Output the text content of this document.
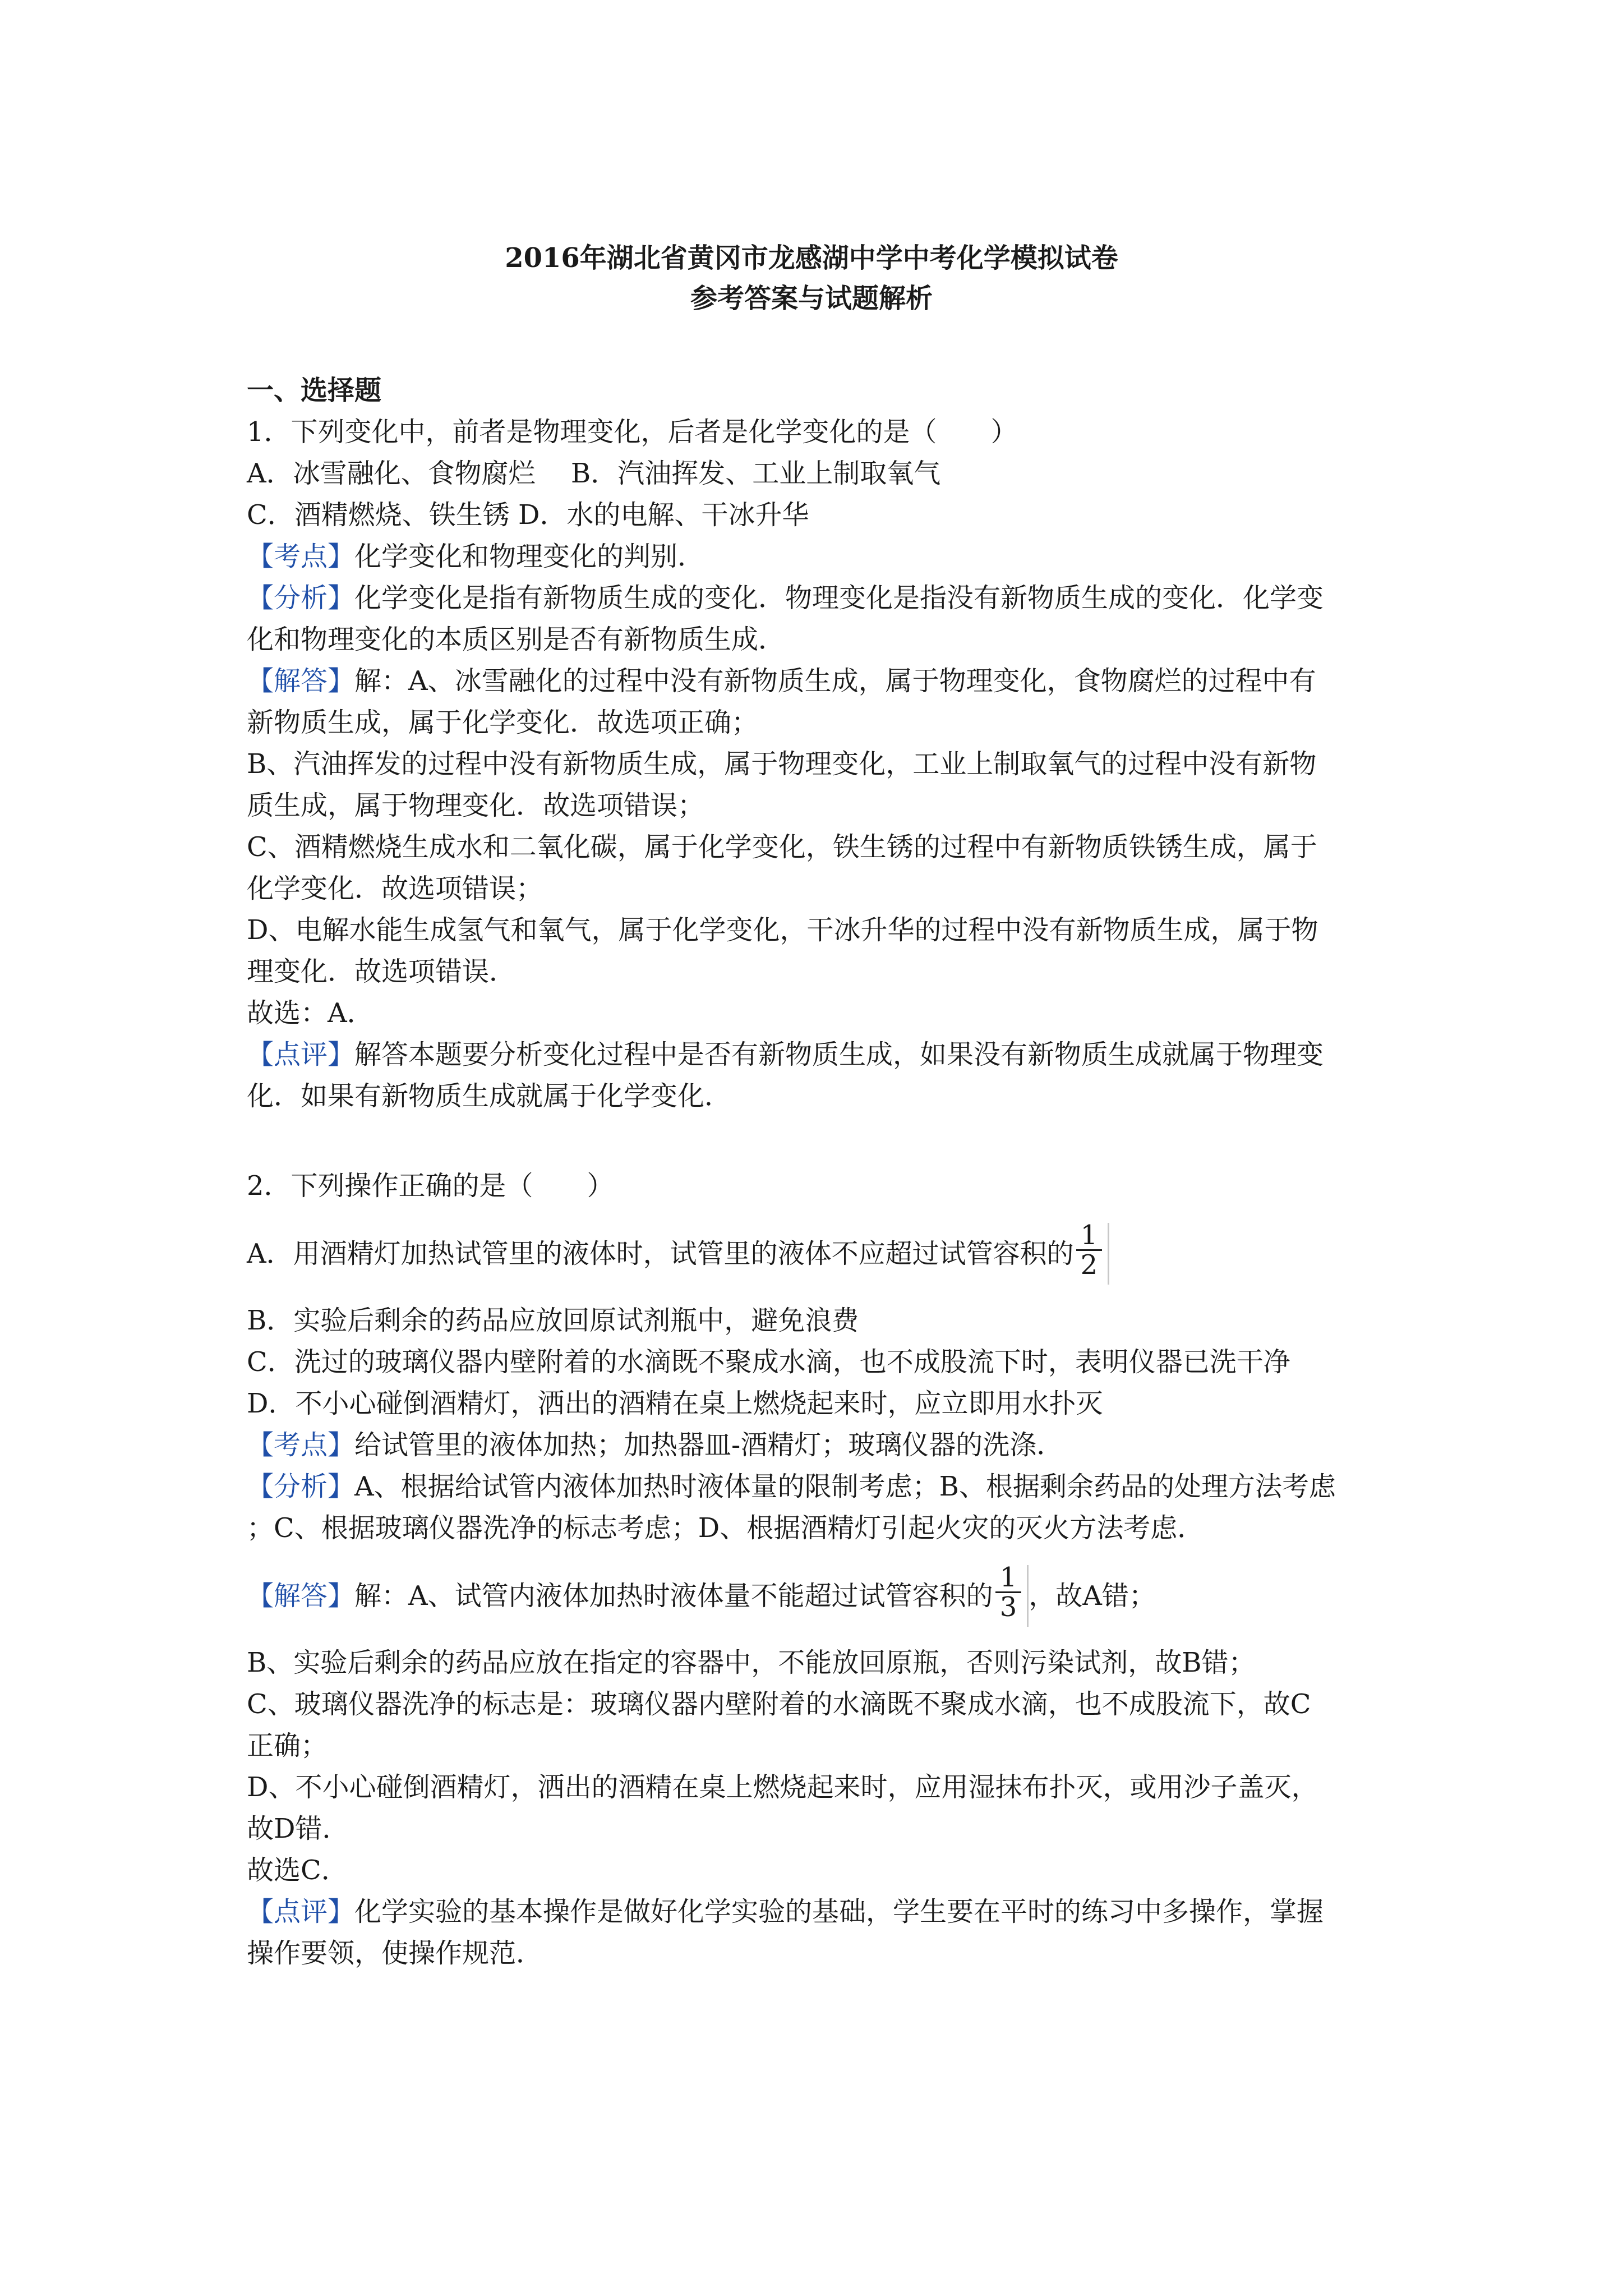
2016年湖北省黄冈市龙感湖中学中考化学模拟试卷
参考答案与试题解析
一、选择题
1．下列变化中，前者是物理变化，后者是化学变化的是（　　）
A．冰雪融化、食物腐烂　 B．汽油挥发、工业上制取氧气
C．酒精燃烧、铁生锈 D．水的电解、干冰升华
【考点】化学变化和物理变化的判别．
【分析】化学变化是指有新物质生成的变化．物理变化是指没有新物质生成的变化．化学变
化和物理变化的本质区别是否有新物质生成．
【解答】解：A、冰雪融化的过程中没有新物质生成，属于物理变化，食物腐烂的过程中有
新物质生成，属于化学变化．故选项正确；
B、汽油挥发的过程中没有新物质生成，属于物理变化，工业上制取氧气的过程中没有新物
质生成，属于物理变化．故选项错误；
C、酒精燃烧生成水和二氧化碳，属于化学变化，铁生锈的过程中有新物质铁锈生成，属于
化学变化．故选项错误；
D、电解水能生成氢气和氧气，属于化学变化，干冰升华的过程中没有新物质生成，属于物
理变化．故选项错误．
故选：A．
【点评】解答本题要分析变化过程中是否有新物质生成，如果没有新物质生成就属于物理变
化．如果有新物质生成就属于化学变化．
2．下列操作正确的是（　　）
A．用酒精灯加热试管里的液体时，试管里的液体不应超过试管容积的 $\frac{1}{2}$
B．实验后剩余的药品应放回原试剂瓶中，避免浪费
C．洗过的玻璃仪器内壁附着的水滴既不聚成水滴，也不成股流下时，表明仪器已洗干净
D．不小心碰倒酒精灯，洒出的酒精在桌上燃烧起来时，应立即用水扑灭
【考点】给试管里的液体加热；加热器皿-酒精灯；玻璃仪器的洗涤．
【分析】A、根据给试管内液体加热时液体量的限制考虑；B、根据剩余药品的处理方法考虑
；C、根据玻璃仪器洗净的标志考虑；D、根据酒精灯引起火灾的灭火方法考虑．
【解答】解：A、试管内液体加热时液体量不能超过试管容积的 $\frac{1}{3}$ ，故A错；
B、实验后剩余的药品应放在指定的容器中，不能放回原瓶，否则污染试剂，故B错；
C、玻璃仪器洗净的标志是：玻璃仪器内壁附着的水滴既不聚成水滴，也不成股流下，故C
正确；
D、不小心碰倒酒精灯，洒出的酒精在桌上燃烧起来时，应用湿抹布扑灭，或用沙子盖灭，
故D错．
故选C．
【点评】化学实验的基本操作是做好化学实验的基础，学生要在平时的练习中多操作，掌握
操作要领，使操作规范．
